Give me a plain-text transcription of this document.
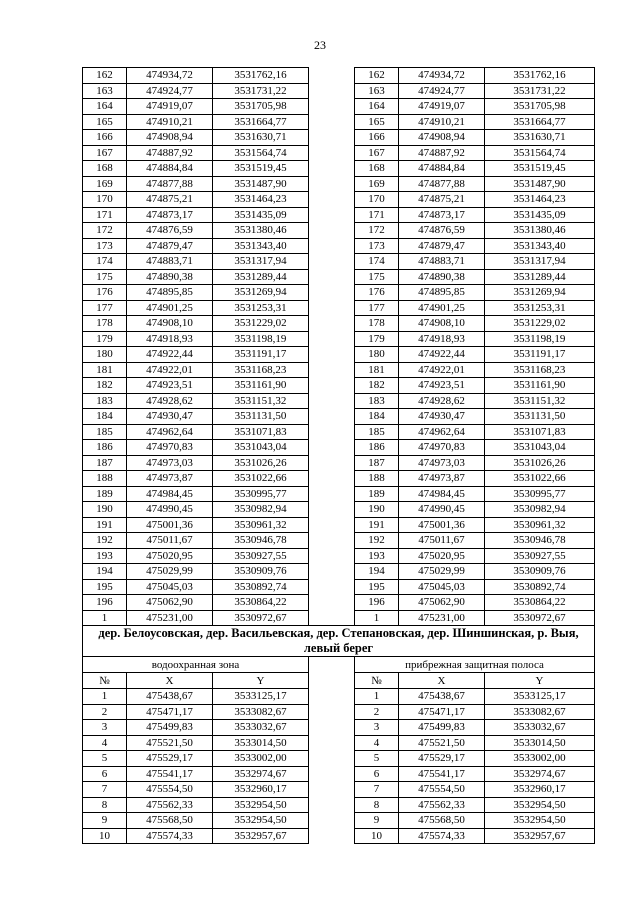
23
162	474934,72	3531762,16		162	474934,72	3531762,16
163	474924,77	3531731,22		163	474924,77	3531731,22
164	474919,07	3531705,98		164	474919,07	3531705,98
165	474910,21	3531664,77		165	474910,21	3531664,77
166	474908,94	3531630,71		166	474908,94	3531630,71
167	474887,92	3531564,74		167	474887,92	3531564,74
168	474884,84	3531519,45		168	474884,84	3531519,45
169	474877,88	3531487,90		169	474877,88	3531487,90
170	474875,21	3531464,23		170	474875,21	3531464,23
171	474873,17	3531435,09		171	474873,17	3531435,09
172	474876,59	3531380,46		172	474876,59	3531380,46
173	474879,47	3531343,40		173	474879,47	3531343,40
174	474883,71	3531317,94		174	474883,71	3531317,94
175	474890,38	3531289,44		175	474890,38	3531289,44
176	474895,85	3531269,94		176	474895,85	3531269,94
177	474901,25	3531253,31		177	474901,25	3531253,31
178	474908,10	3531229,02		178	474908,10	3531229,02
179	474918,93	3531198,19		179	474918,93	3531198,19
180	474922,44	3531191,17		180	474922,44	3531191,17
181	474922,01	3531168,23		181	474922,01	3531168,23
182	474923,51	3531161,90		182	474923,51	3531161,90
183	474928,62	3531151,32		183	474928,62	3531151,32
184	474930,47	3531131,50		184	474930,47	3531131,50
185	474962,64	3531071,83		185	474962,64	3531071,83
186	474970,83	3531043,04		186	474970,83	3531043,04
187	474973,03	3531026,26		187	474973,03	3531026,26
188	474973,87	3531022,66		188	474973,87	3531022,66
189	474984,45	3530995,77		189	474984,45	3530995,77
190	474990,45	3530982,94		190	474990,45	3530982,94
191	475001,36	3530961,32		191	475001,36	3530961,32
192	475011,67	3530946,78		192	475011,67	3530946,78
193	475020,95	3530927,55		193	475020,95	3530927,55
194	475029,99	3530909,76		194	475029,99	3530909,76
195	475045,03	3530892,74		195	475045,03	3530892,74
196	475062,90	3530864,22		196	475062,90	3530864,22
1	475231,00	3530972,67		1	475231,00	3530972,67
дер. Белоусовская, дер. Васильевская, дер. Степановская, дер. Шиншинская, р. Выя, левый берег						
водоохранная зона				прибрежная защитная полоса		
№	X	Y		№	X	Y
1	475438,67	3533125,17		1	475438,67	3533125,17
2	475471,17	3533082,67		2	475471,17	3533082,67
3	475499,83	3533032,67		3	475499,83	3533032,67
4	475521,50	3533014,50		4	475521,50	3533014,50
5	475529,17	3533002,00		5	475529,17	3533002,00
6	475541,17	3532974,67		6	475541,17	3532974,67
7	475554,50	3532960,17		7	475554,50	3532960,17
8	475562,33	3532954,50		8	475562,33	3532954,50
9	475568,50	3532954,50		9	475568,50	3532954,50
10	475574,33	3532957,67		10	475574,33	3532957,67
